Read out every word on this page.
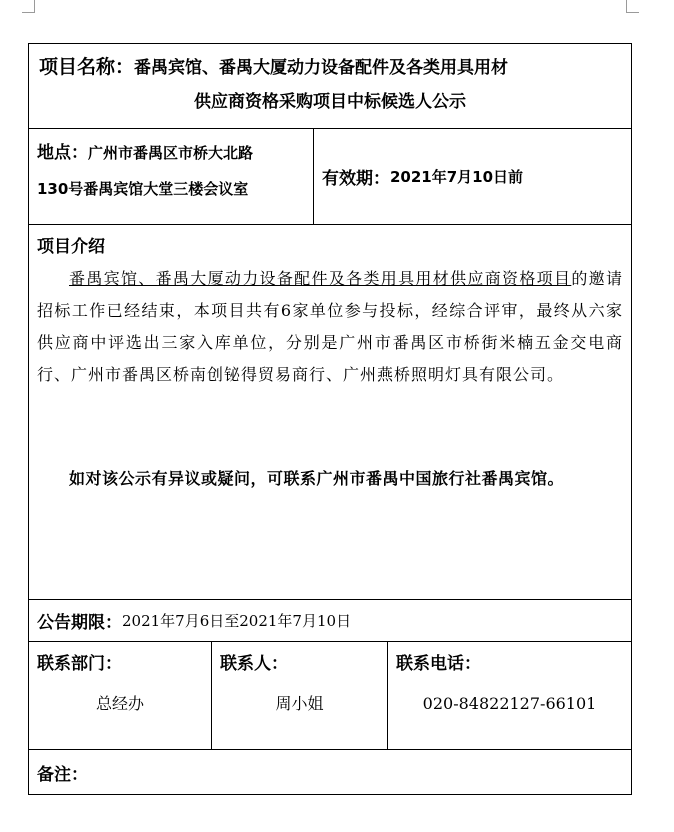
项目名称：番禺宾馆、番禺大厦动力设备配件及各类用具用材
供应商资格采购项目中标候选人公示
地点：广州市番禺区市桥大北路
130号番禺宾馆大堂三楼会议室	有效期： 2021年7月10日前
项目介绍

番禺宾馆、番禺大厦动力设备配件及各类用具用材供应商资格项目的邀请招标工作已经结束，本项目共有6家单位参与投标，经综合评审，最终从六家供应商中评选出三家入库单位，分别是广州市番禺区市桥街米楠五金交电商行、广州市番禺区桥南创铋得贸易商行、广州燕桥照明灯具有限公司。

如对该公示有异议或疑问，可联系广州市番禺中国旅行社番禺宾馆。

公告期限： 2021年7月6日至2021年7月10日
联系部门：
总经办
联系人：
周小姐
联系电话：
020-84822127-66101
备注：
